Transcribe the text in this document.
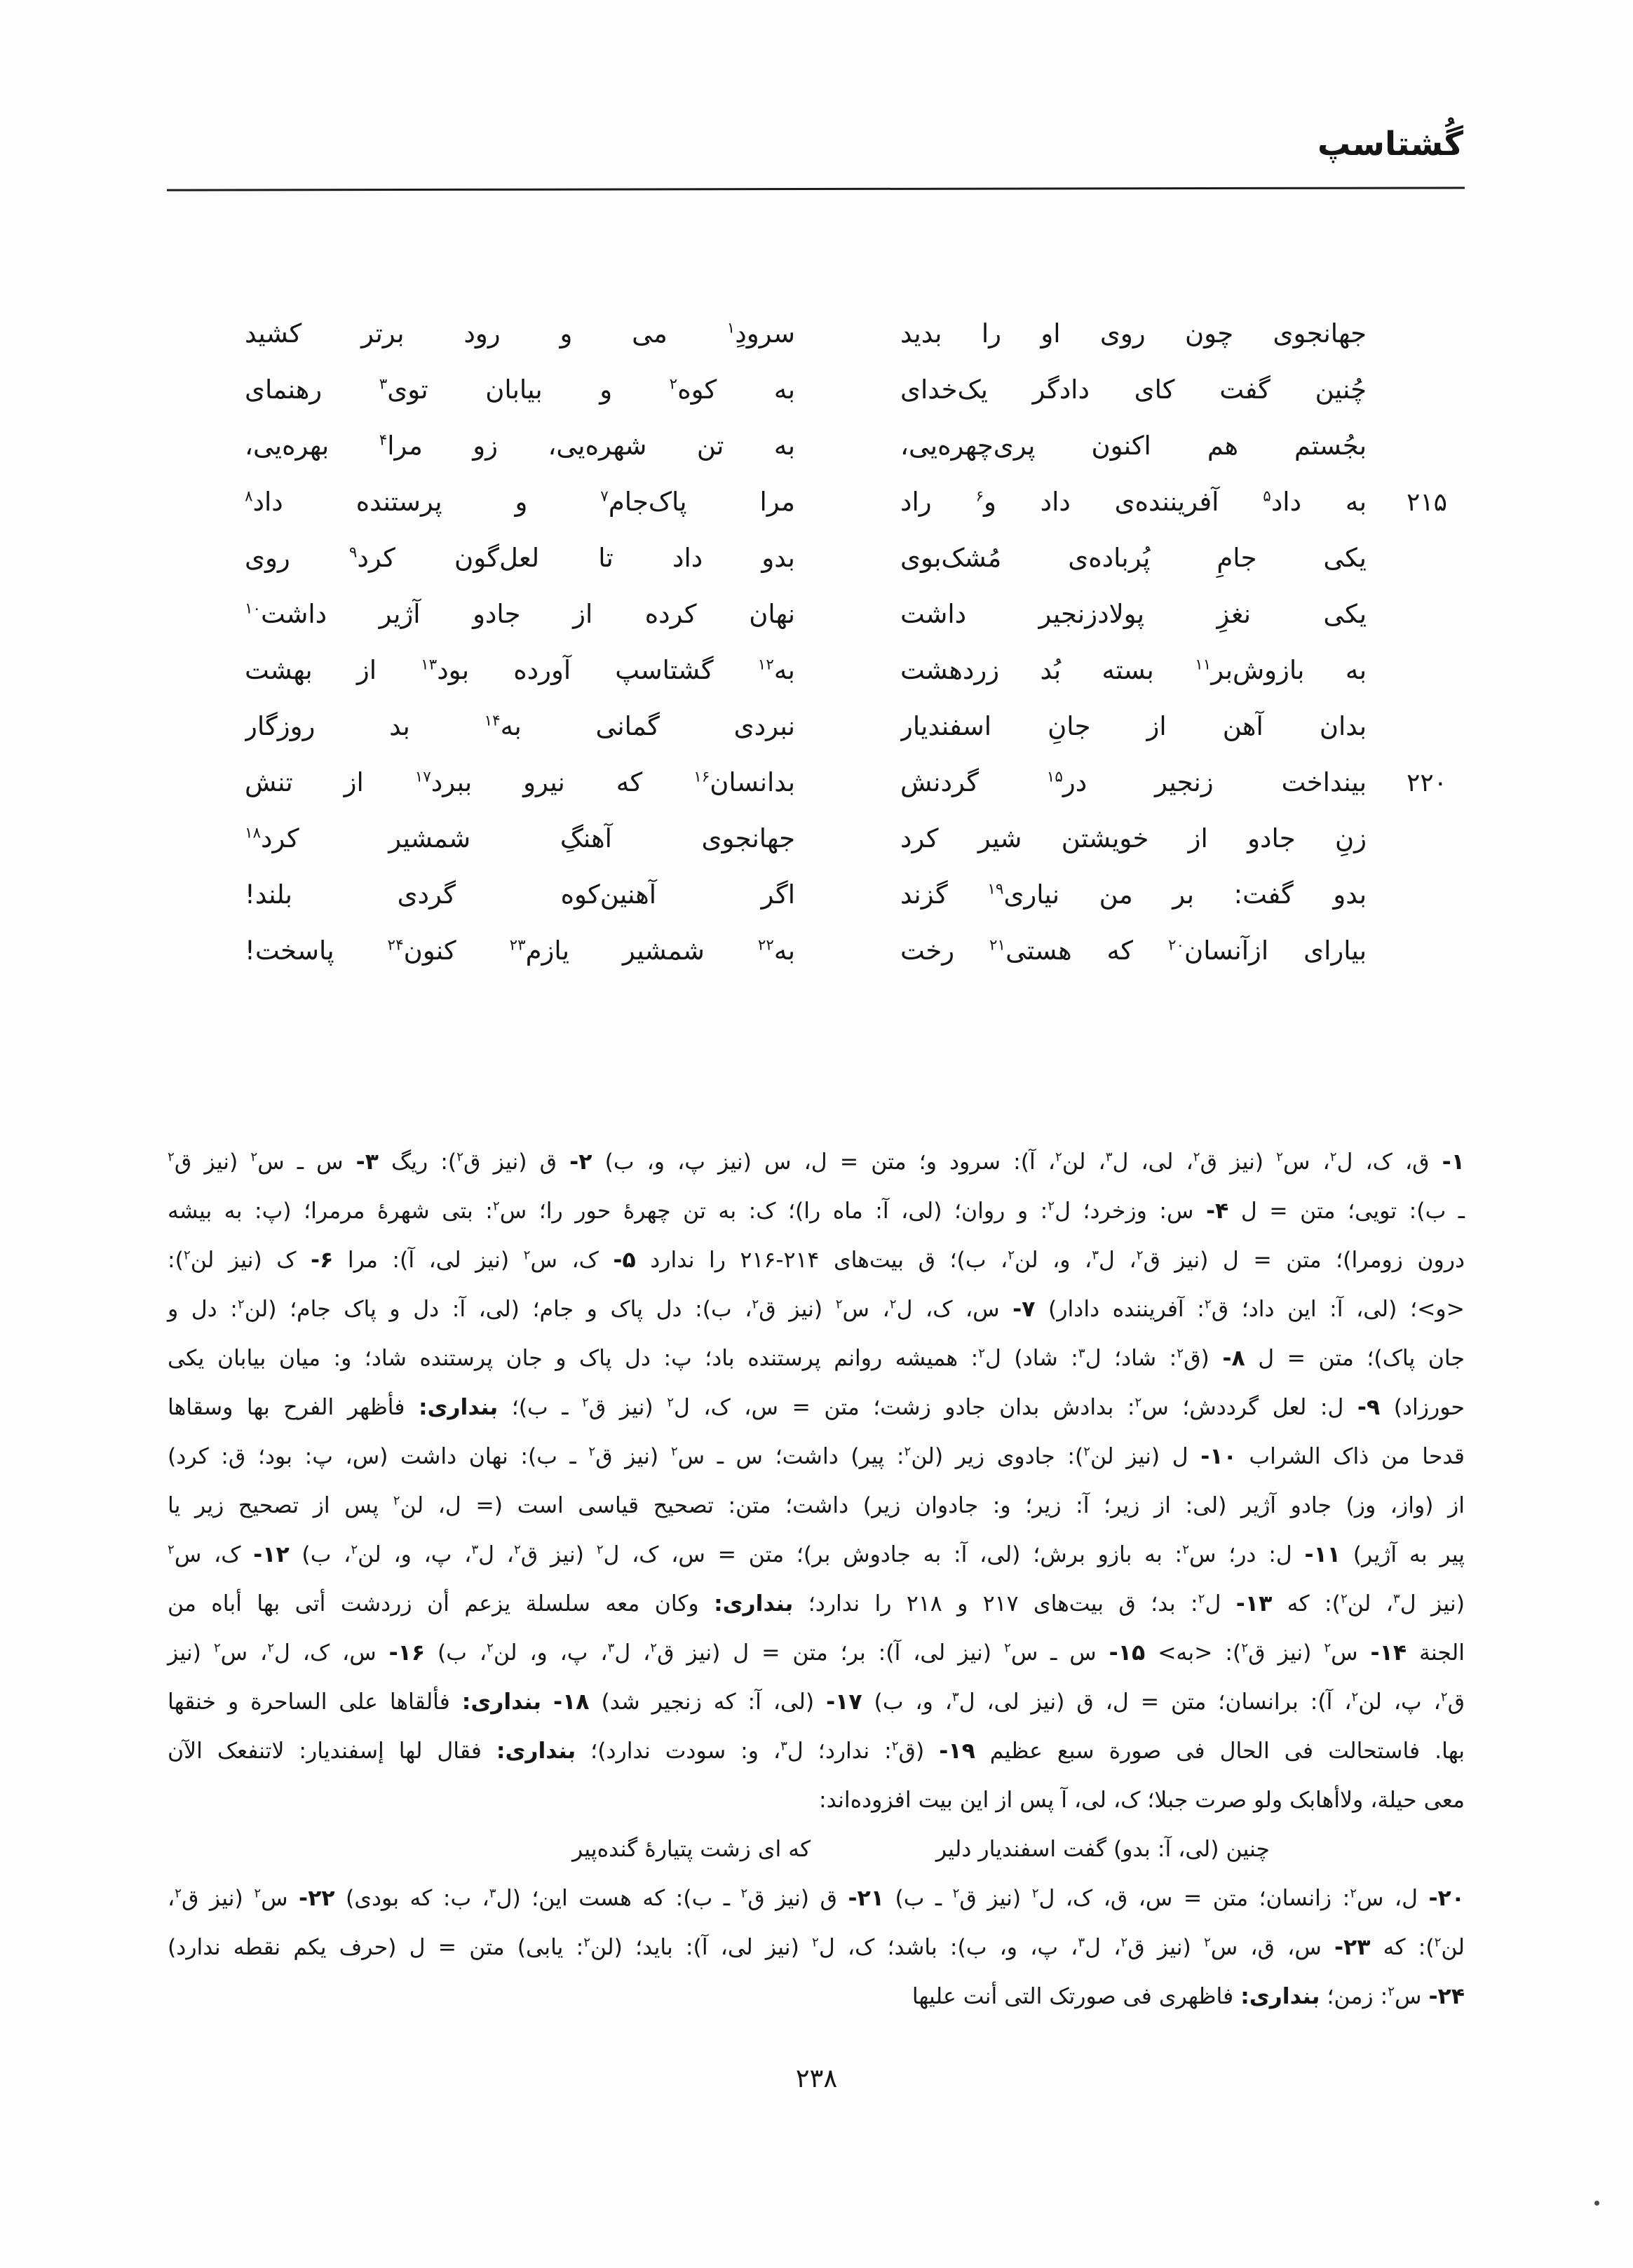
گُشتاسپ
جهانجوی چون روی او را بدید
سرودِ$^۱$ می و رود برتر کشید
چُنین گفت کای دادگر یک‌خدای
به کوه$^۲$ و بیابان توی$^۳$ رهنمای
بجُستم هم اکنون پری‌چهره‌یی،
به تن شهره‌یی، زو مرا$^۴$ بهره‌یی،
۲۱۵
به داد$^۵$ آفریننده‌ی داد و$^۶$ راد
مرا پاک‌جام$^۷$ و پرستنده داد$^۸$
یکی جامِ پُرباده‌ی مُشک‌بوی
بدو داد تا لعل‌گون کرد$^۹$ روی
یکی نغزِ پولادزنجیر داشت
نهان کرده از جادو آژیر داشت$^{۱۰}$
به بازوش‌بر$^{۱۱}$ بسته بُد زردهشت
به$^{۱۲}$ گشتاسپ آورده بود$^{۱۳}$ از بهشت
بدان آهن از جانِ اسفندیار
نبردی گمانی به$^{۱۴}$ بد روزگار
۲۲۰
بینداخت زنجیر در$^{۱۵}$ گردنش
بدانسان$^{۱۶}$ که نیرو ببرد$^{۱۷}$ از تنش
زنِ جادو از خویشتن شیر کرد
جهانجوی آهنگِ شمشیر کرد$^{۱۸}$
بدو گفت: بر من نیاری$^{۱۹}$ گزند
اگر آهنین‌کوه گردی بلند!
بیارای ازآنسان$^{۲۰}$ که هستی$^{۲۱}$ رخت
به$^{۲۲}$ شمشیر یازم$^{۲۳}$ کنون$^{۲۴}$ پاسخت!
۱- ق، ک، ل$^۲$، س$^۲$ (نیز ق$^۲$، لی، ل$^۳$، لن$^۲$، آ): سرود و؛ متن = ل، س (نیز پ، و، ب) ۲- ق (نیز ق$^۲$): ریگ ۳- س ـ س$^۲$ (نیز ق$^۲$
ـ ب): تویی؛ متن = ل ۴- س: وزخرد؛ ل$^۲$: و روان؛ (لی، آ: ماه را)؛ ک: به تن چهرهٔ حور را؛ س$^۲$: بتی شهرهٔ مرمرا؛ (پ: به بیشه
درون زومرا)؛ متن = ل (نیز ق$^۲$، ل$^۳$، و، لن$^۲$، ب)؛ ق بیت‌های ۲۱۴-۲۱۶ را ندارد ۵- ک، س$^۲$ (نیز لی، آ): مرا ۶- ک (نیز لن$^۲$):
<و>؛ (لی، آ: این داد؛ ق$^۲$: آفریننده دادار) ۷- س، ک، ل$^۲$، س$^۲$ (نیز ق$^۲$، ب): دل پاک و جام؛ (لی، آ: دل و پاک جام؛ (لن$^۲$: دل و
جان پاک)؛ متن = ل ۸- (ق$^۲$: شاد؛ ل$^۳$: شاد) ل$^۲$: همیشه روانم پرستنده باد؛ پ: دل پاک و جان پرستنده شاد؛ و: میان بیابان یکی
حورزاد) ۹- ل: لعل گرددش؛ س$^۲$: بدادش بدان جادو زشت؛ متن = س، ک، ل$^۲$ (نیز ق$^۲$ ـ ب)؛ بنداری: فأظهر الفرح بها وسقاها
قدحا من ذاک الشراب ۱۰- ل (نیز لن$^۲$): جادوی زیر (لن$^۲$: پیر) داشت؛ س ـ س$^۲$ (نیز ق$^۲$ ـ ب): نهان داشت (س، پ: بود؛ ق: کرد)
از (واز، وز) جادو آژیر (لی: از زیر؛ آ: زیر؛ و: جادوان زیر) داشت؛ متن: تصحیح قیاسی است (= ل، لن$^۲$ پس از تصحیح زیر یا
پیر به آژیر) ۱۱- ل: در؛ س$^۲$: به بازو برش؛ (لی، آ: به جادوش بر)؛ متن = س، ک، ل$^۲$ (نیز ق$^۲$، ل$^۳$، پ، و، لن$^۲$، ب) ۱۲- ک، س$^۲$
(نیز ل$^۳$، لن$^۲$): که ۱۳- ل$^۲$: بد؛ ق بیت‌های ۲۱۷ و ۲۱۸ را ندارد؛ بنداری: وکان معه سلسلة یزعم أن زردشت أتی بها أباه من
الجنة ۱۴- س$^۲$ (نیز ق$^۲$): <به> ۱۵- س ـ س$^۲$ (نیز لی، آ): بر؛ متن = ل (نیز ق$^۲$، ل$^۳$، پ، و، لن$^۲$، ب) ۱۶- س، ک، ل$^۲$، س$^۲$ (نیز
ق$^۲$، پ، لن$^۲$، آ): برانسان؛ متن = ل، ق (نیز لی، ل$^۳$، و، ب) ۱۷- (لی، آ: که زنجیر شد) ۱۸- بنداری: فألقاها علی الساحرة و خنقها
بها. فاستحالت فی الحال فی صورة سبع عظیم ۱۹- (ق$^۲$: ندارد؛ ل$^۳$، و: سودت ندارد)؛ بنداری: فقال لها إسفندیار: لاتنفعک الآن
معی حیلة، ولاأهابک ولو صرت جبلا؛ ک، لی، آ پس از این بیت افزوده‌اند:
چنین (لی، آ: بدو) گفت اسفندیار دلیر
که ای زشت پتیارهٔ گنده‌پیر
۲۰- ل، س$^۲$: زانسان؛ متن = س، ق، ک، ل$^۲$ (نیز ق$^۲$ ـ ب) ۲۱- ق (نیز ق$^۲$ ـ ب): که هست این؛ (ل$^۳$، ب: که بودی) ۲۲- س$^۲$ (نیز ق$^۲$،
لن$^۲$): که ۲۳- س، ق، س$^۲$ (نیز ق$^۲$، ل$^۳$، پ، و، ب): باشد؛ ک، ل$^۲$ (نیز لی، آ): باید؛ (لن$^۲$: یابی) متن = ل (حرف یکم نقطه ندارد)
۲۴- س$^۲$: زمن؛ بنداری: فاظهری فی صورتک التی أنت علیها
۲۳۸
